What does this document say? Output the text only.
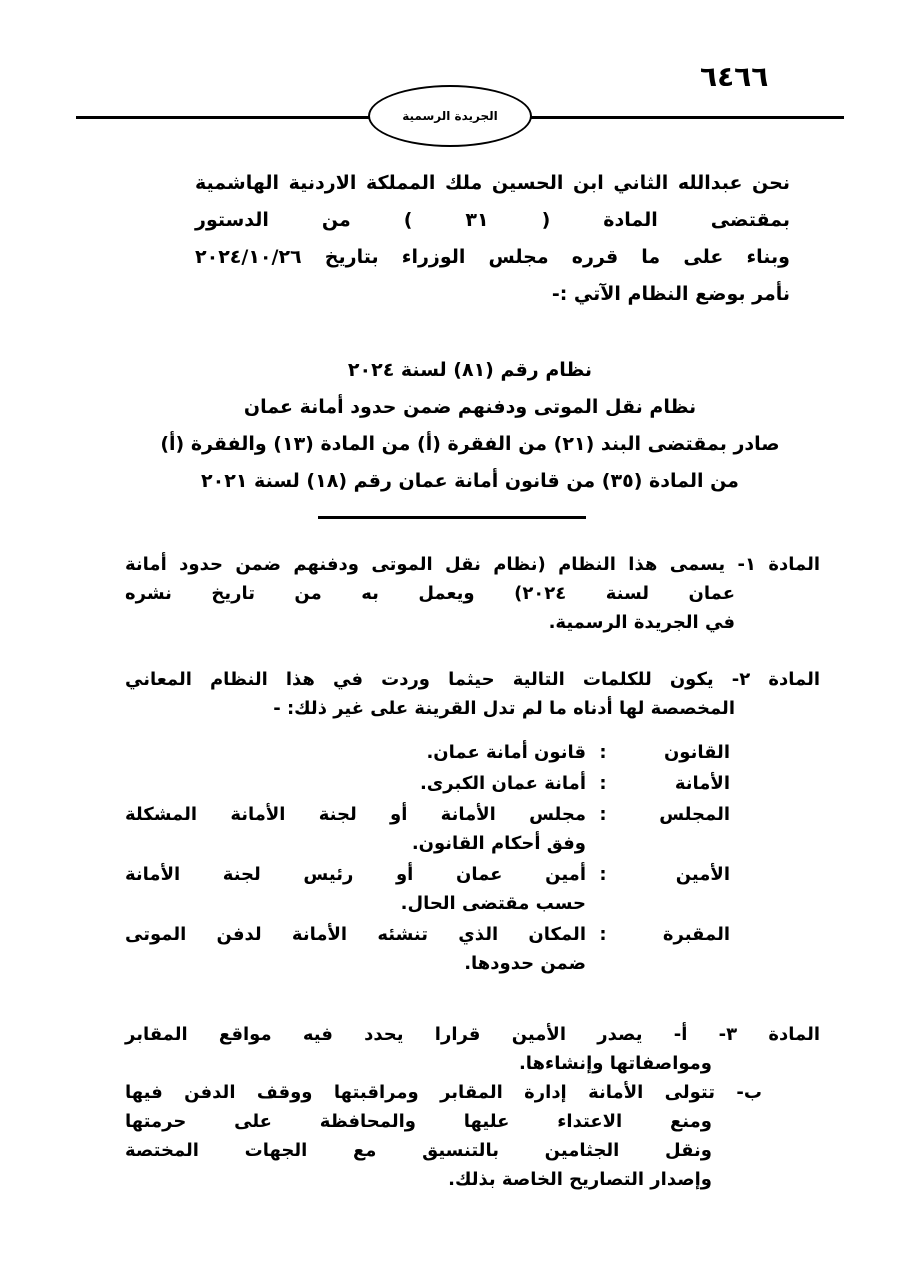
٦٤٦٦
الجريدة الرسمية
نحن عبدالله الثاني ابن الحسين ملك المملكة الاردنية الهاشمية
بمقتضى المادة ( ٣١ ) من الدستور
وبناء على ما قرره مجلس الوزراء بتاريخ ٢٠٢٤/١٠/٢٦
نأمر بوضع النظام الآتي :-
نظام رقم (٨١) لسنة ٢٠٢٤
نظام نقل الموتى ودفنهم ضمن حدود أمانة عمان
صادر بمقتضى البند (٢١) من الفقرة (أ) من المادة (١٣) والفقرة (أ)
من المادة (٣٥) من قانون أمانة عمان رقم (١٨) لسنة ٢٠٢١
المادة ١- يسمى هذا النظام (نظام نقل الموتى ودفنهم ضمن حدود أمانة
عمان لسنة ٢٠٢٤) ويعمل به من تاريخ نشره
في الجريدة الرسمية.
المادة ٢- يكون للكلمات التالية حيثما وردت في هذا النظام المعاني
المخصصة لها أدناه ما لم تدل القرينة على غير ذلك: -
القانون
:
قانون أمانة عمان.
الأمانة
:
أمانة عمان الكبرى.
المجلس
:
مجلس الأمانة أو لجنة الأمانة المشكلة
وفق أحكام القانون.
الأمين
:
أمين عمان أو رئيس لجنة الأمانة
حسب مقتضى الحال.
المقبرة
:
المكان الذي تنشئه الأمانة لدفن الموتى
ضمن حدودها.
المادة ٣- أ- يصدر الأمين قرارا يحدد فيه مواقع المقابر
ومواصفاتها وإنشاءها.
ب- تتولى الأمانة إدارة المقابر ومراقبتها ووقف الدفن فيها
ومنع الاعتداء عليها والمحافظة على حرمتها
ونقل الجثامين بالتنسيق مع الجهات المختصة
وإصدار التصاريح الخاصة بذلك.
